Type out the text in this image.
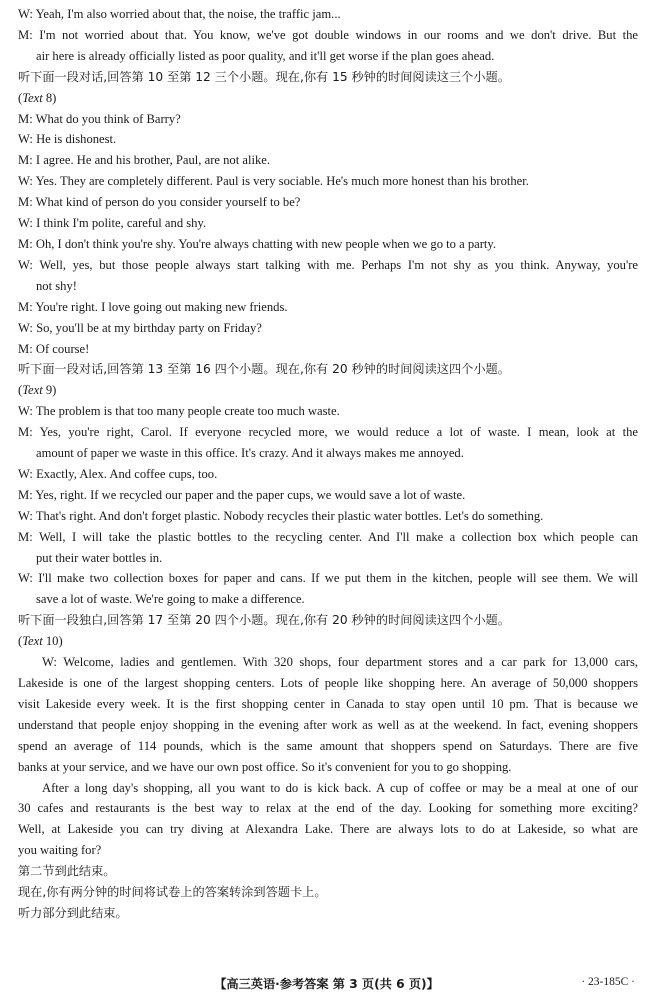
W: Yeah, I'm also worried about that, the noise, the traffic jam...
M: I'm not worried about that. You know, we've got double windows in our rooms and we don't drive. But the
air here is already officially listed as poor quality, and it'll get worse if the plan goes ahead.
听下面一段对话,回答第 10 至第 12 三个小题。现在,你有 15 秒钟的时间阅读这三个小题。
(Text 8)
M: What do you think of Barry?
W: He is dishonest.
M: I agree. He and his brother, Paul, are not alike.
W: Yes. They are completely different. Paul is very sociable. He's much more honest than his brother.
M: What kind of person do you consider yourself to be?
W: I think I'm polite, careful and shy.
M: Oh, I don't think you're shy. You're always chatting with new people when we go to a party.
W: Well, yes, but those people always start talking with me. Perhaps I'm not shy as you think. Anyway, you're
not shy!
M: You're right. I love going out making new friends.
W: So, you'll be at my birthday party on Friday?
M: Of course!
听下面一段对话,回答第 13 至第 16 四个小题。现在,你有 20 秒钟的时间阅读这四个小题。
(Text 9)
W: The problem is that too many people create too much waste.
M: Yes, you're right, Carol. If everyone recycled more, we would reduce a lot of waste. I mean, look at the
amount of paper we waste in this office. It's crazy. And it always makes me annoyed.
W: Exactly, Alex. And coffee cups, too.
M: Yes, right. If we recycled our paper and the paper cups, we would save a lot of waste.
W: That's right. And don't forget plastic. Nobody recycles their plastic water bottles. Let's do something.
M: Well, I will take the plastic bottles to the recycling center. And I'll make a collection box which people can
put their water bottles in.
W: I'll make two collection boxes for paper and cans. If we put them in the kitchen, people will see them. We will
save a lot of waste. We're going to make a difference.
听下面一段独白,回答第 17 至第 20 四个小题。现在,你有 20 秒钟的时间阅读这四个小题。
(Text 10)
W: Welcome, ladies and gentlemen. With 320 shops, four department stores and a car park for 13,000 cars,
Lakeside is one of the largest shopping centers. Lots of people like shopping here. An average of 50,000 shoppers
visit Lakeside every week. It is the first shopping center in Canada to stay open until 10 pm. That is because we
understand that people enjoy shopping in the evening after work as well as at the weekend. In fact, evening shoppers
spend an average of 114 pounds, which is the same amount that shoppers spend on Saturdays. There are five
banks at your service, and we have our own post office. So it's convenient for you to go shopping.
After a long day's shopping, all you want to do is kick back. A cup of coffee or may be a meal at one of our
30 cafes and restaurants is the best way to relax at the end of the day. Looking for something more exciting?
Well, at Lakeside you can try diving at Alexandra Lake. There are always lots to do at Lakeside, so what are
you waiting for?
第二节到此结束。
现在,你有两分钟的时间将试卷上的答案转涂到答题卡上。
听力部分到此结束。
【高三英语·参考答案 第 3 页(共 6 页)】	· 23-185C ·
